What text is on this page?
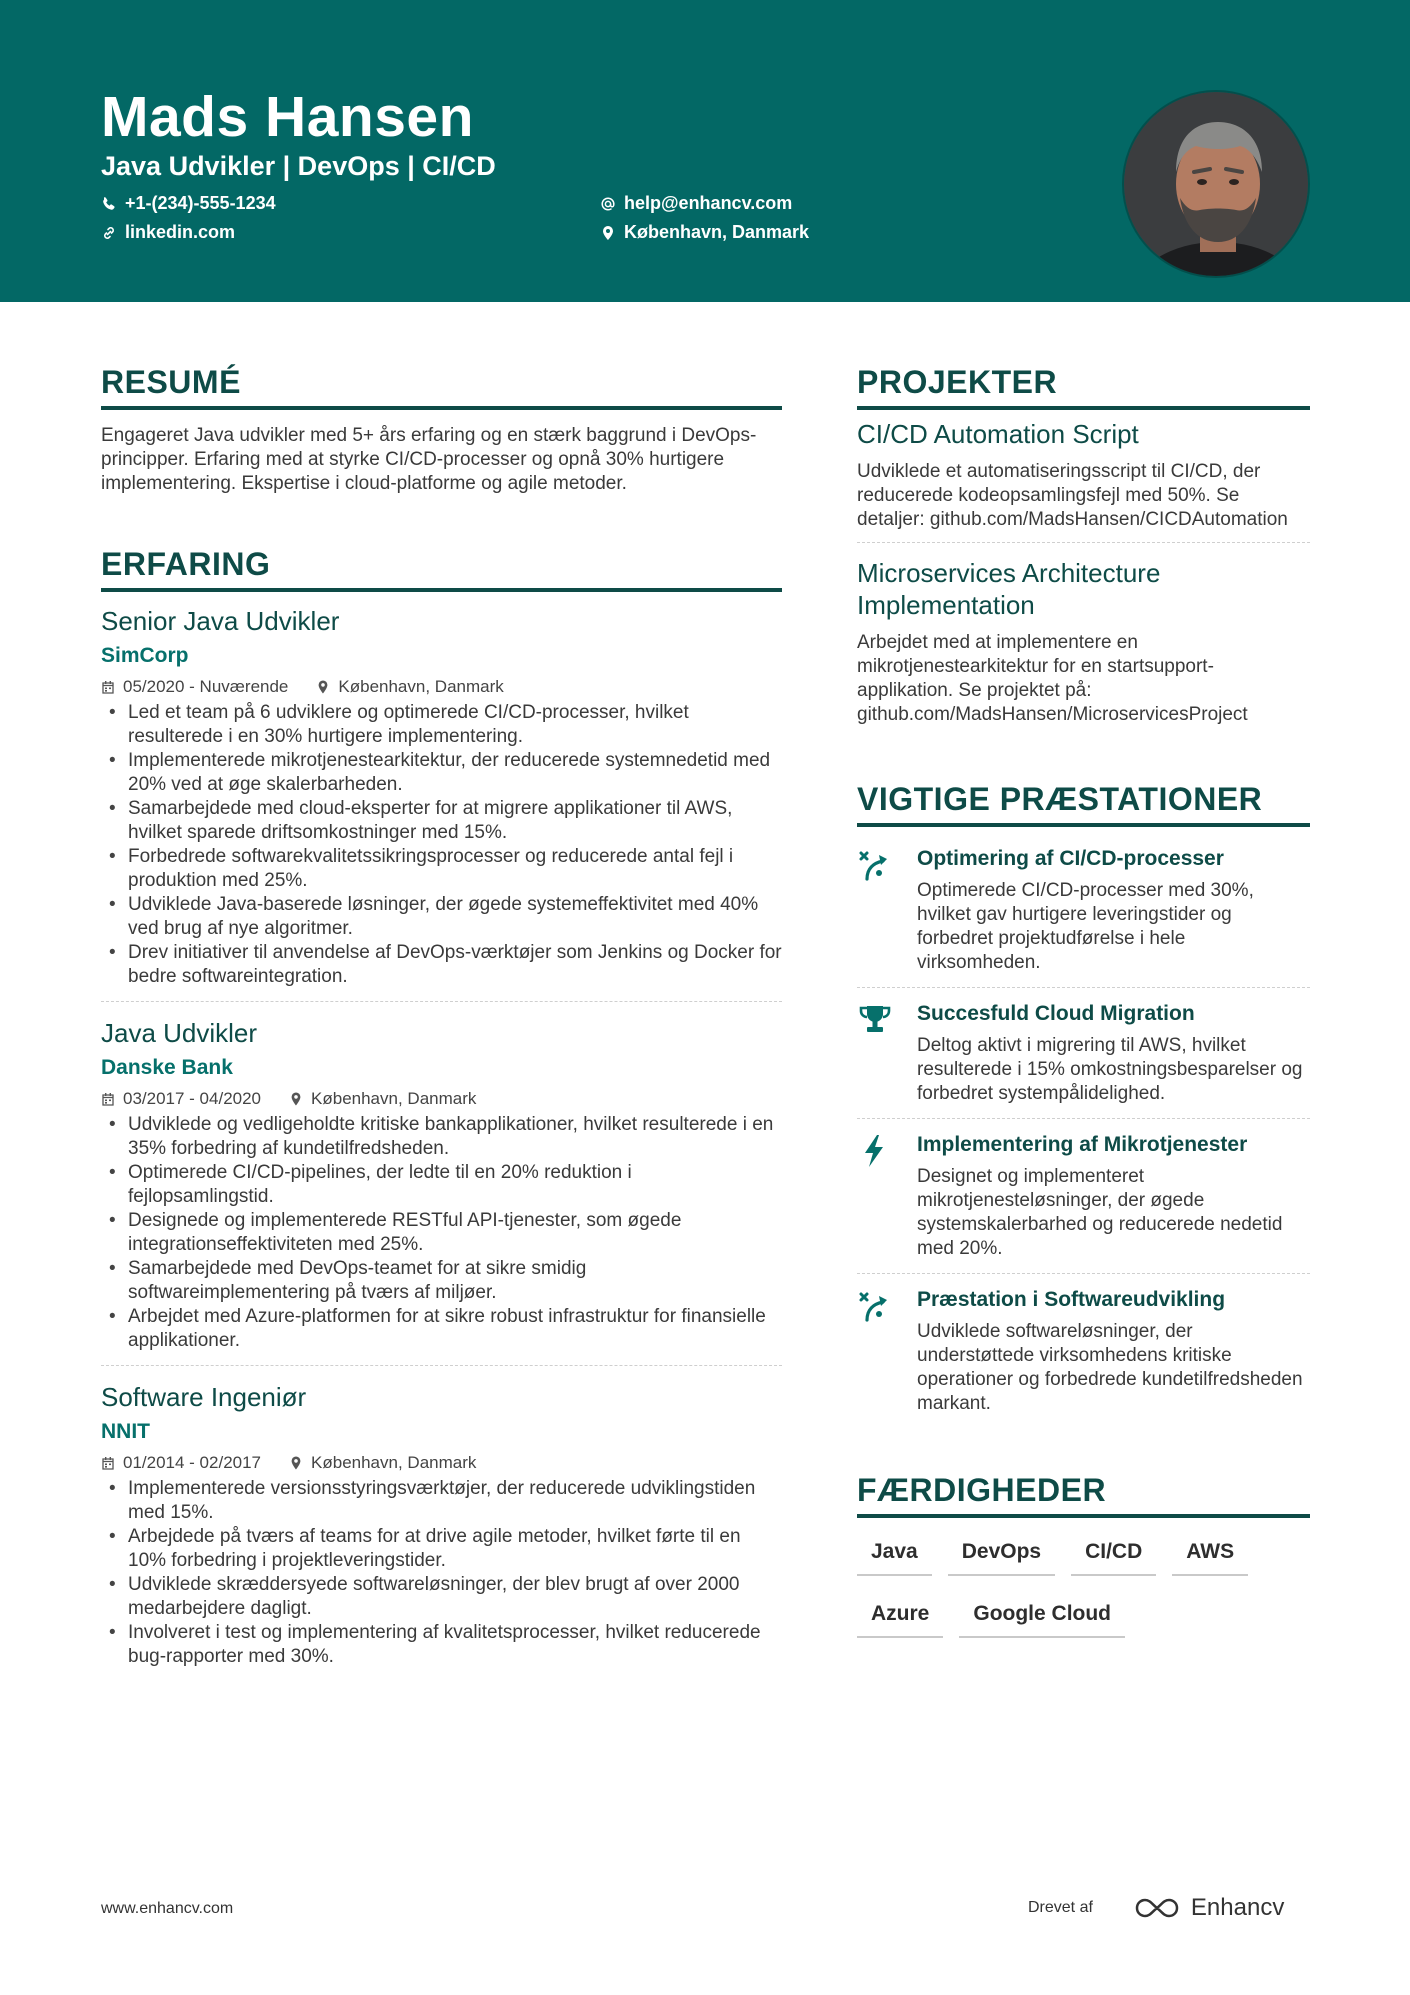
Mads Hansen
Java Udvikler | DevOps | CI/CD
+1-(234)-555-1234
linkedin.com
help@enhancv.com
København, Danmark
RESUMÉ

Engageret Java udvikler med 5+ års erfaring og en stærk baggrund i DevOps-principper. Erfaring med at styrke CI/CD-processer og opnå 30% hurtigere implementering. Ekspertise i cloud-platforme og agile metoder.

ERFARING
Senior Java Udvikler
SimCorp
05/2020 - Nuværende	København, Danmark
• Led et team på 6 udviklere og optimerede CI/CD-processer, hvilket resulterede i en 30% hurtigere implementering.
• Implementerede mikrotjenestearkitektur, der reducerede systemnedetid med 20% ved at øge skalerbarheden.
• Samarbejdede med cloud-eksperter for at migrere applikationer til AWS, hvilket sparede driftsomkostninger med 15%.
• Forbedrede softwarekvalitetssikringsprocesser og reducerede antal fejl i produktion med 25%.
• Udviklede Java-baserede løsninger, der øgede systemeffektivitet med 40% ved brug af nye algoritmer.
• Drev initiativer til anvendelse af DevOps-værktøjer som Jenkins og Docker for bedre softwareintegration.
Java Udvikler
Danske Bank
03/2017 - 04/2020	København, Danmark
• Udviklede og vedligeholdte kritiske bankapplikationer, hvilket resulterede i en 35% forbedring af kundetilfredsheden.
• Optimerede CI/CD-pipelines, der ledte til en 20% reduktion i fejlopsamlingstid.
• Designede og implementerede RESTful API-tjenester, som øgede integrationseffektiviteten med 25%.
• Samarbejdede med DevOps-teamet for at sikre smidig softwareimplementering på tværs af miljøer.
• Arbejdet med Azure-platformen for at sikre robust infrastruktur for finansielle applikationer.
Software Ingeniør
NNIT
01/2014 - 02/2017	København, Danmark
• Implementerede versionsstyringsværktøjer, der reducerede udviklingstiden med 15%.
• Arbejdede på tværs af teams for at drive agile metoder, hvilket førte til en 10% forbedring i projektleveringstider.
• Udviklede skræddersyede softwareløsninger, der blev brugt af over 2000 medarbejdere dagligt.
• Involveret i test og implementering af kvalitetsprocesser, hvilket reducerede bug-rapporter med 30%.
PROJEKTER
CI/CD Automation Script

Udviklede et automatiseringsscript til CI/CD, der reducerede kodeopsamlingsfejl med 50%. Se detaljer: github.com/MadsHansen/CICDAutomation

Microservices Architecture Implementation

Arbejdet med at implementere en mikrotjenestearkitektur for en startsupport-applikation. Se projektet på: github.com/MadsHansen/MicroservicesProject

VIGTIGE PRÆSTATIONER
Optimering af CI/CD-processer

Optimerede CI/CD-processer med 30%, hvilket gav hurtigere leveringstider og forbedret projektudførelse i hele virksomheden.

Succesfuld Cloud Migration

Deltog aktivt i migrering til AWS, hvilket resulterede i 15% omkostningsbesparelser og forbedret systempålidelighed.

Implementering af Mikrotjenester

Designet og implementeret mikrotjenesteløsninger, der øgede systemskalerbarhed og reducerede nedetid med 20%.

Præstation i Softwareudvikling

Udviklede softwareløsninger, der understøttede virksomhedens kritiske operationer og forbedrede kundetilfredsheden markant.

FÆRDIGHEDER
Java	DevOps	CI/CD	AWS
Azure	Google Cloud
www.enhancv.com	Drevet af	Enhancv
